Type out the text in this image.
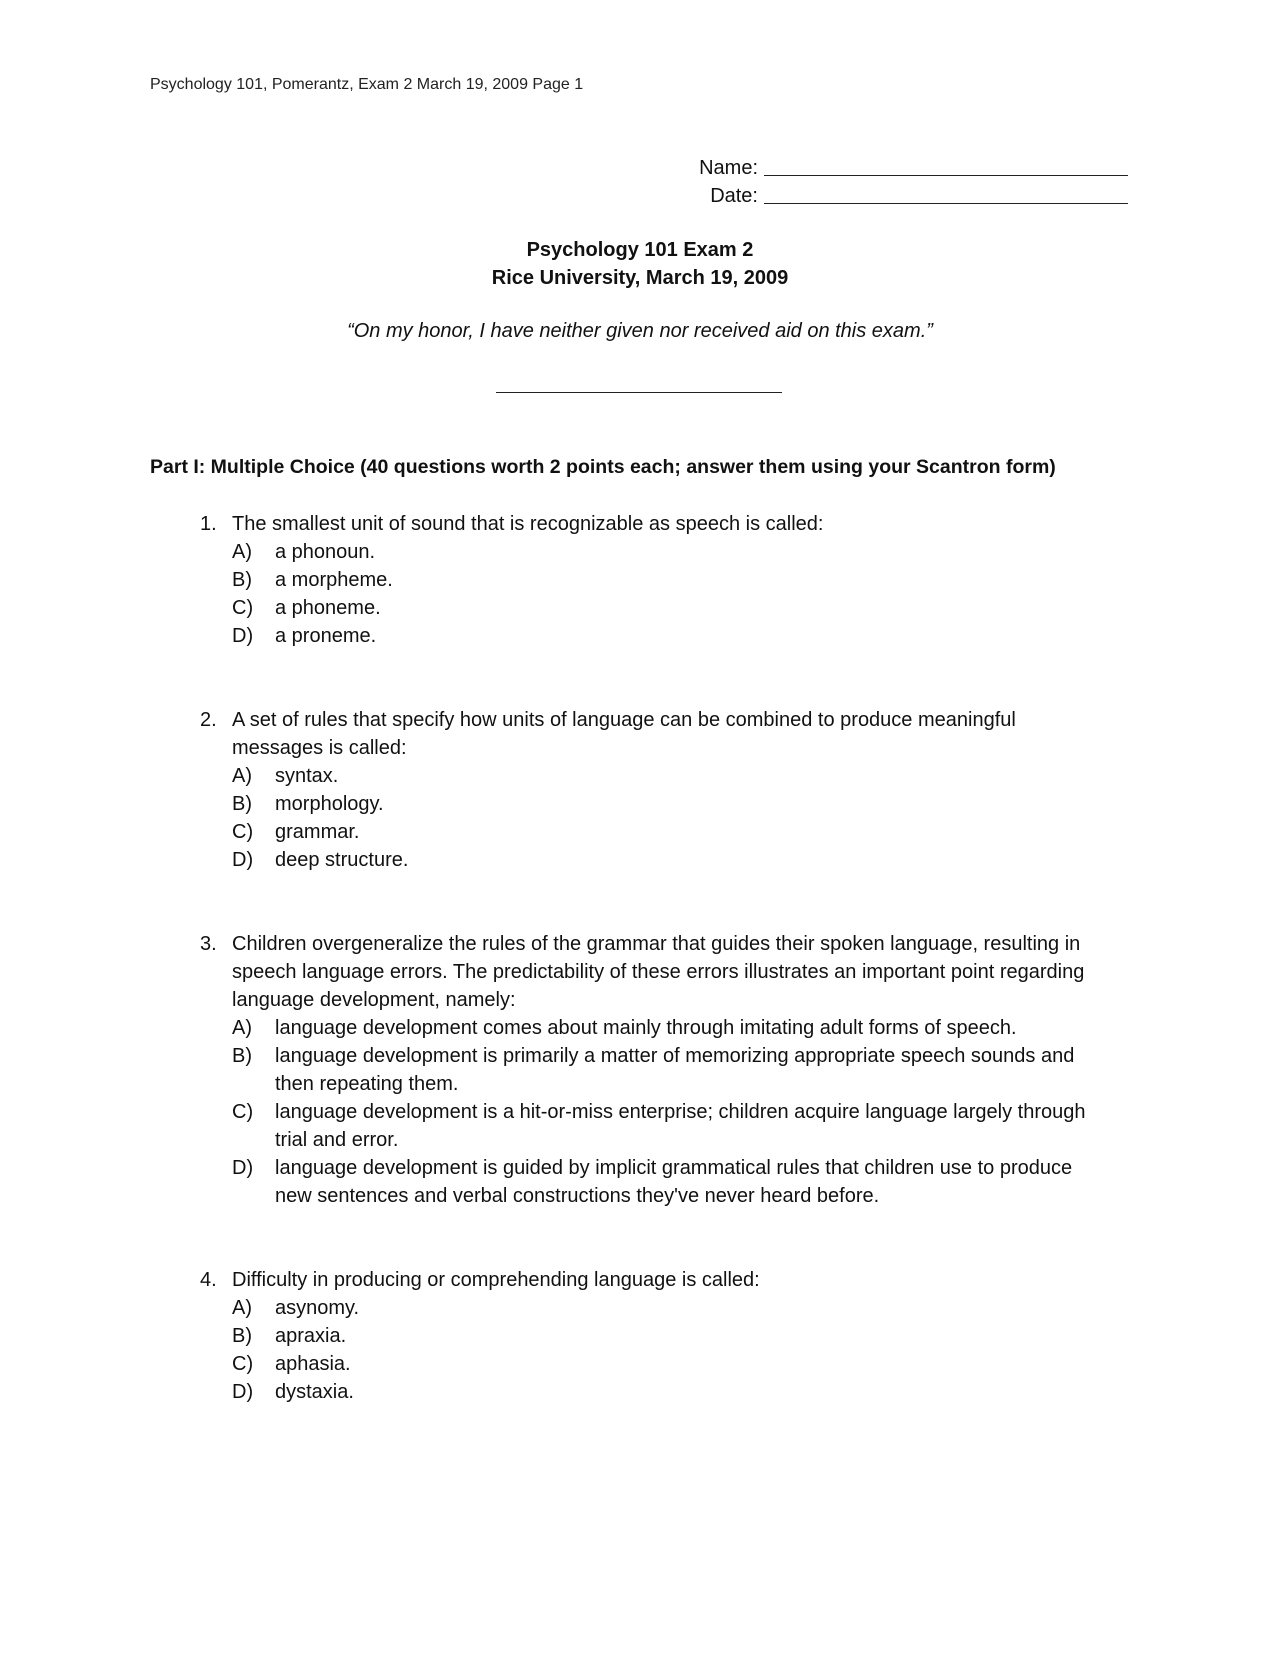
Psychology 101, Pomerantz, Exam 2 March 19, 2009 Page 1
Name:
Date:
Psychology 101 Exam 2
Rice University, March 19, 2009
“On my honor, I have neither given nor received aid on this exam.”
Part I: Multiple Choice (40 questions worth 2 points each; answer them using your Scantron form)
1. The smallest unit of sound that is recognizable as speech is called:
A) a phonoun.
B) a morpheme.
C) a phoneme.
D) a proneme.
2. A set of rules that specify how units of language can be combined to produce meaningful messages is called:
A) syntax.
B) morphology.
C) grammar.
D) deep structure.
3. Children overgeneralize the rules of the grammar that guides their spoken language, resulting in speech language errors. The predictability of these errors illustrates an important point regarding language development, namely:
A) language development comes about mainly through imitating adult forms of speech.
B) language development is primarily a matter of memorizing appropriate speech sounds and then repeating them.
C) language development is a hit-or-miss enterprise; children acquire language largely through trial and error.
D) language development is guided by implicit grammatical rules that children use to produce new sentences and verbal constructions they've never heard before.
4. Difficulty in producing or comprehending language is called:
A) asynomy.
B) apraxia.
C) aphasia.
D) dystaxia.
